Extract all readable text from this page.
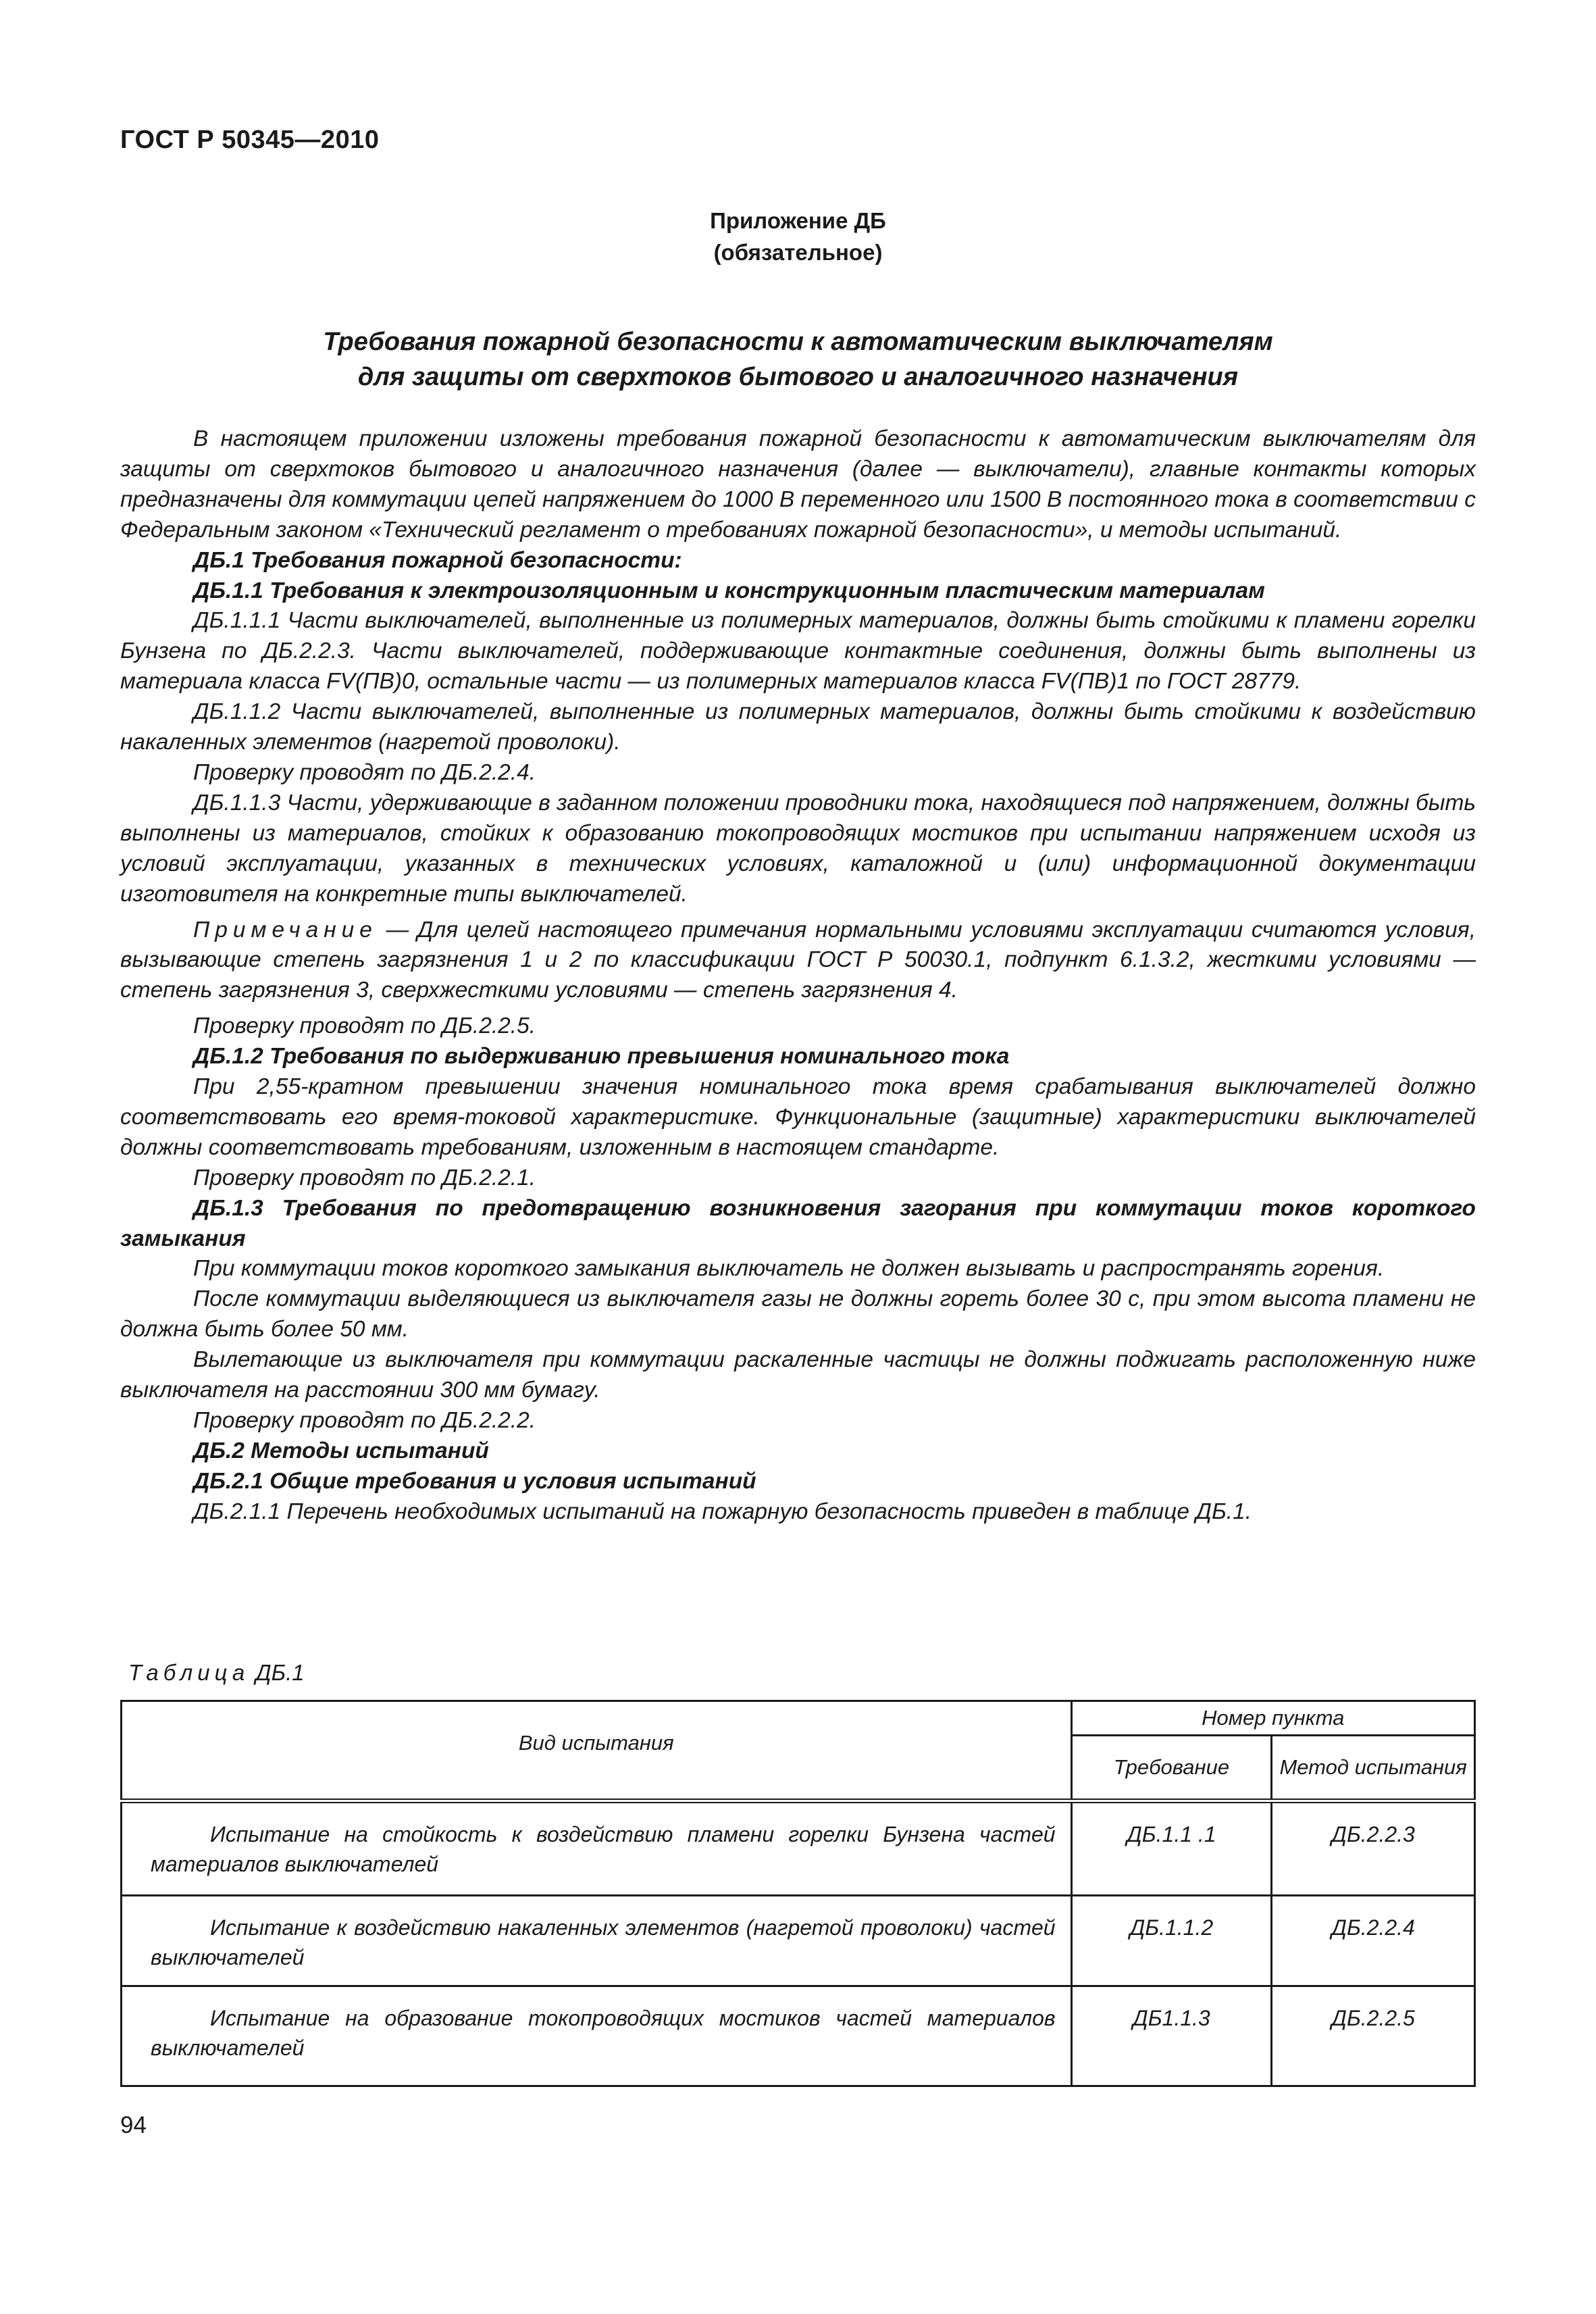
ГОСТ Р 50345—2010
Приложение ДБ
(обязательное)
Требования пожарной безопасности к автоматическим выключателям
для защиты от сверхтоков бытового и аналогичного назначения

В настоящем приложении изложены требования пожарной безопасности к автоматическим выключателям для защиты от сверхтоков бытового и аналогичного назначения (далее — выключатели), главные контакты которых предназначены для коммутации цепей напряжением до 1000 В переменного или 1500 В постоянного тока в соответствии с Федеральным законом «Технический регламент о требованиях пожарной безопасности», и методы испытаний.

ДБ.1 Требования пожарной безопасности:

ДБ.1.1 Требования к электроизоляционным и конструкционным пластическим материалам

ДБ.1.1.1 Части выключателей, выполненные из полимерных материалов, должны быть стойкими к пламени горелки Бунзена по ДБ.2.2.3. Части выключателей, поддерживающие контактные соединения, должны быть выполнены из материала класса FV(ПВ)0, остальные части — из полимерных материалов класса FV(ПВ)1 по ГОСТ 28779.

ДБ.1.1.2 Части выключателей, выполненные из полимерных материалов, должны быть стойкими к воздействию накаленных элементов (нагретой проволоки).

Проверку проводят по ДБ.2.2.4.

ДБ.1.1.3 Части, удерживающие в заданном положении проводники тока, находящиеся под напряжением, должны быть выполнены из материалов, стойких к образованию токопроводящих мостиков при испытании напряжением исходя из условий эксплуатации, указанных в технических условиях, каталожной и (или) информационной документации изготовителя на конкретные типы выключателей.

Примечание — Для целей настоящего примечания нормальными условиями эксплуатации считаются условия, вызывающие степень загрязнения 1 и 2 по классификации ГОСТ Р 50030.1, подпункт 6.1.3.2, жесткими условиями — степень загрязнения 3, сверхжесткими условиями — степень загрязнения 4.

Проверку проводят по ДБ.2.2.5.

ДБ.1.2 Требования по выдерживанию превышения номинального тока

При 2,55-кратном превышении значения номинального тока время срабатывания выключателей должно соответствовать его время-токовой характеристике. Функциональные (защитные) характеристики выключателей должны соответствовать требованиям, изложенным в настоящем стандарте.

Проверку проводят по ДБ.2.2.1.

ДБ.1.3 Требования по предотвращению возникновения загорания при коммутации токов короткого замыкания

При коммутации токов короткого замыкания выключатель не должен вызывать и распространять горения.

После коммутации выделяющиеся из выключателя газы не должны гореть более 30 с, при этом высота пламени не должна быть более 50 мм.

Вылетающие из выключателя при коммутации раскаленные частицы не должны поджигать расположенную ниже выключателя на расстоянии 300 мм бумагу.

Проверку проводят по ДБ.2.2.2.

ДБ.2 Методы испытаний

ДБ.2.1 Общие требования и условия испытаний

ДБ.2.1.1 Перечень необходимых испытаний на пожарную безопасность приведен в таблице ДБ.1.

Таблица ДБ.1
Вид испытания	Номер пункта	
	Требование	Метод испытания
Испытание на стойкость к воздействию пламени горелки Бунзена частей материалов выключателей	ДБ.1.1 .1	ДБ.2.2.3
Испытание к воздействию накаленных элементов (нагретой проволоки) частей выключателей	ДБ.1.1.2	ДБ.2.2.4
Испытание на образование токопроводящих мостиков частей материалов выключателей	ДБ1.1.3	ДБ.2.2.5
94
